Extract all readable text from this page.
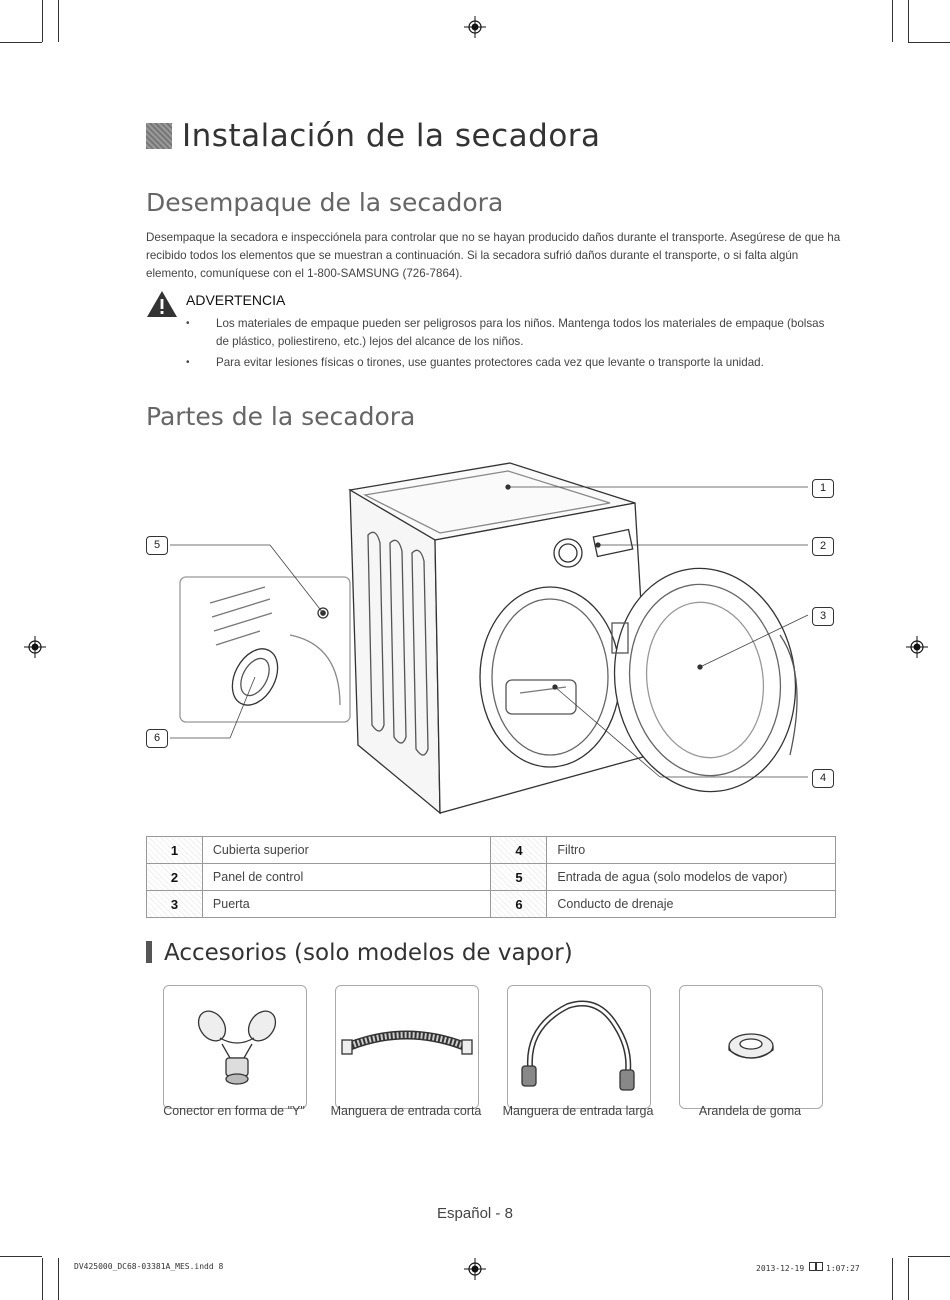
Instalación de la secadora
Desempaque de la secadora

Desempaque la secadora e inspecciónela para controlar que no se hayan producido daños durante el transporte. Asegúrese de que ha recibido todos los elementos que se muestran a continuación. Si la secadora sufrió daños durante el transporte, o si falta algún elemento, comuníquese con el 1-800-SAMSUNG (726-7864).

ADVERTENCIA
• Los materiales de empaque pueden ser peligrosos para los niños. Mantenga todos los materiales de empaque (bolsas de plástico, poliestireno, etc.) lejos del alcance de los niños.
• Para evitar lesiones físicas o tirones, use guantes protectores cada vez que levante o transporte la unidad.
Partes de la secadora
1
2
3
4
5
6
1	Cubierta superior	4	Filtro
2	Panel de control	5	Entrada de agua (solo modelos de vapor)
3	Puerta	6	Conducto de drenaje
Accesorios (solo modelos de vapor)
Conector en forma de "Y"	Manguera de entrada corta	Manguera de entrada larga	Arandela de goma
Español - 8
DV425000_DC68-03381A_MES.indd 8	2013-12-19	1:07:27
